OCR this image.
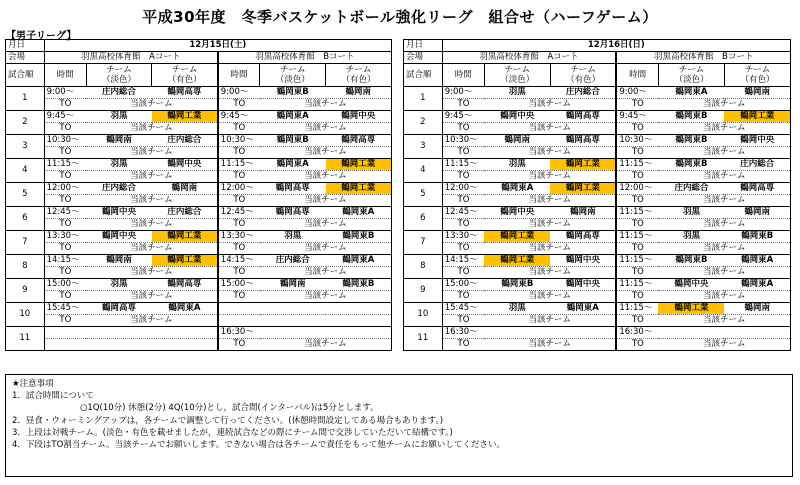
平成30年度　冬季バスケットボール強化リーグ　組合せ（ハーフゲーム）
【男子リーグ】
月日	12月15日(土)					
会場	羽黒高校体育館　Aコート			羽黒高校体育館　Bコート		
試合順	時間	チーム
（淡色）	チーム
（有色）	時間	チーム
（淡色）	チーム
（有色）
1	9:00～	庄内総合	鶴岡高専	9:00～	鶴岡東B	鶴岡南
	TO	当該チーム		TO	当該チーム	
2	9:45～	羽黒	鶴岡工業	9:45～	鶴岡東A	鶴岡中央
	TO	当該チーム		TO	当該チーム	
3	10:30～	鶴岡南	庄内総合	10:30～	鶴岡東B	鶴岡高専
	TO	当該チーム		TO	当該チーム	
4	11:15～	羽黒	鶴岡中央	11:15～	鶴岡東A	鶴岡工業
	TO	当該チーム		TO	当該チーム	
5	12:00～	庄内総合	鶴岡南	12:00～	鶴岡高専	鶴岡工業
	TO	当該チーム		TO	当該チーム	
6	12:45～	鶴岡中央	庄内総合	12:45～	鶴岡高専	鶴岡東A
	TO	当該チーム		TO	当該チーム	
7	13:30～	鶴岡中央	鶴岡工業	13:30～	羽黒	鶴岡東B
	TO	当該チーム		TO	当該チーム	
8	14:15～	鶴岡南	鶴岡工業	14:15～	庄内総合	鶴岡東A
	TO	当該チーム		TO	当該チーム	
9	15:00～	羽黒	鶴岡高専	15:00～	鶴岡南	鶴岡東B
	TO	当該チーム		TO	当該チーム	
10	15:45～	鶴岡高専	鶴岡東A			
	TO	当該チーム				
11				16:30～		
				TO	当該チーム	
月日	12月16日(日)					
会場	羽黒高校体育館　Aコート			羽黒高校体育館　Bコート		
試合順	時間	チーム
（淡色）	チーム
（有色）	時間	チーム
（淡色）	チーム
（有色）
1	9:00～	羽黒	庄内総合	9:00～	鶴岡東A	鶴岡南
	TO	当該チーム		TO	当該チーム	
2	9:45～	鶴岡中央	鶴岡高専	9:45～	鶴岡東B	鶴岡工業
	TO	当該チーム		TO	当該チーム	
3	10:30～	鶴岡南	鶴岡高専	10:30～	鶴岡東B	鶴岡中央
	TO	当該チーム		TO	当該チーム	
4	11:15～	羽黒	鶴岡工業	11:15～	鶴岡東B	庄内総合
	TO	当該チーム		TO	当該チーム	
5	12:00～	鶴岡東A	鶴岡工業	12:00～	庄内総合	鶴岡高専
	TO	当該チーム		TO	当該チーム	
6	12:45～	鶴岡中央	鶴岡南	11:15～	羽黒	鶴岡南
	TO	当該チーム		TO	当該チーム	
7	13:30～	鶴岡工業	鶴岡高専	11:15～	羽黒	鶴岡東B
	TO	当該チーム		TO	当該チーム	
8	14:15～	鶴岡工業	鶴岡中央	11:15～	鶴岡東B	鶴岡東A
	TO	当該チーム		TO	当該チーム	
9	15:00～	鶴岡東B	鶴岡中央	11:15～	鶴岡中央	鶴岡東A
	TO	当該チーム		TO	当該チーム	
10	15:45～	羽黒	鶴岡東A	11:15～	鶴岡工業	鶴岡南
	TO	当該チーム		TO	当該チーム	
11	16:30～			16:30～		
	TO	当該チーム		TO	当該チーム	
★注意事項
1．試合時間について
○1Q(10分) 休憩(2分) 4Q(10分)とし，試合間(インターバル)は5分とします。
2．昼食・ウォーミングアップは，各チームで調整して行ってください。(休憩時間設定してある場合もあります。)
3．上段は対戦チーム。(淡色・有色を載せましたが，連続試合などの際にチーム間で交渉していただいて結構です。)
4．下段はTO割当チーム。当該チームでお願いします。できない場合は各チームで責任をもって他チームにお願いしてください。
